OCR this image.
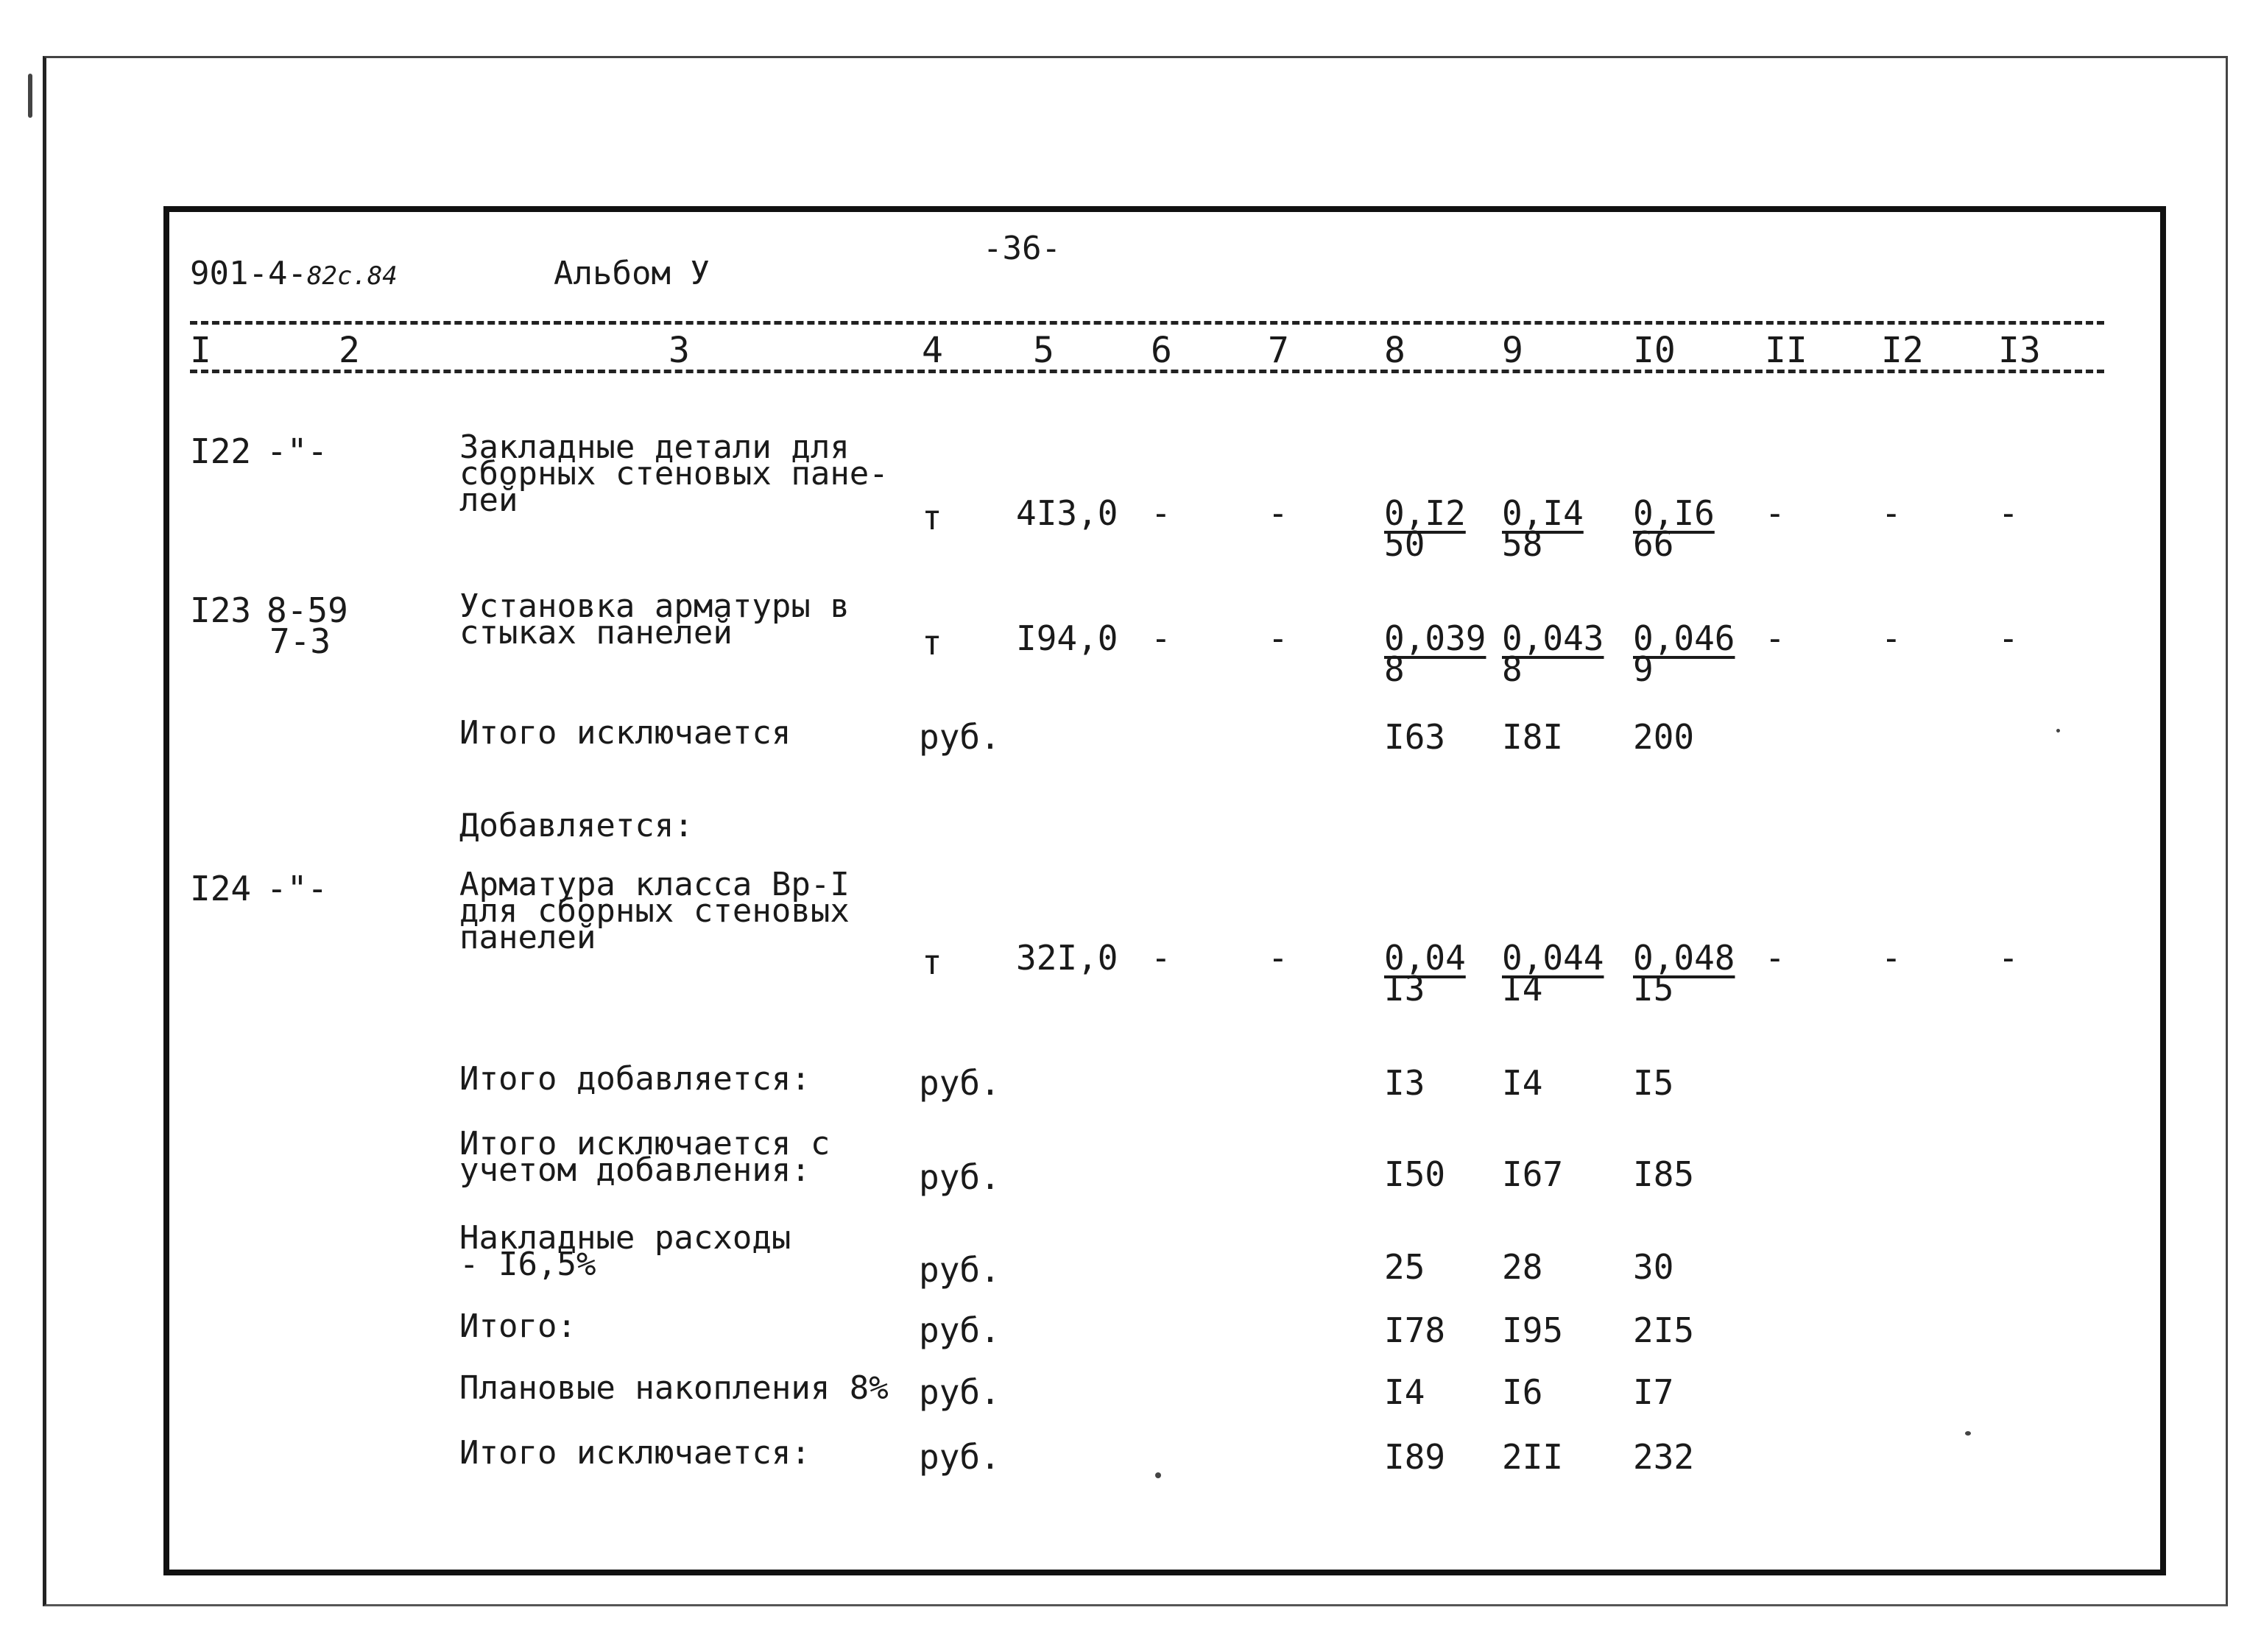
901-4-82с.84	Альбом У
-36-
I	2	3	4	5	6	7	8	9	I0	II I2 I3
I22 -"-	Закладные детали для
сборных стеновых пане-
лей	т 4I3,0 -	-	$\frac{0,I2}{50} \frac{0,I4}{58} \frac{0,I6}{66}$ -	-	-
I23 8-59
7-3
Установка арматуры в
стыках панелей	т I94,0 -	-	$\frac{0,039}{8} \frac{0,043}{8} \frac{0,046}{9}$ -	-	-
Итого исключается	руб.	I63 I8I 200
Добавляется:
I24 -"-	Арматура класса Вр-I
для сборных стеновых
панелей
т 32I,0 -	-	$\frac{0,04}{I3} \frac{0,044}{I4} \frac{0,048}{I5}$ -	-	-
Итого добавляется:	руб.	I3 I4	I5
Итого исключается с
учетом добавления:	руб.	I50 I67 I85
Накладные расходы
- I6,5%	руб.	25 28	30
Итого:	руб.	I78 I95 2I5
Плановые накопления 8% руб.	I4 I6	I7
Итого исключается:	руб.	I89 2II 232
